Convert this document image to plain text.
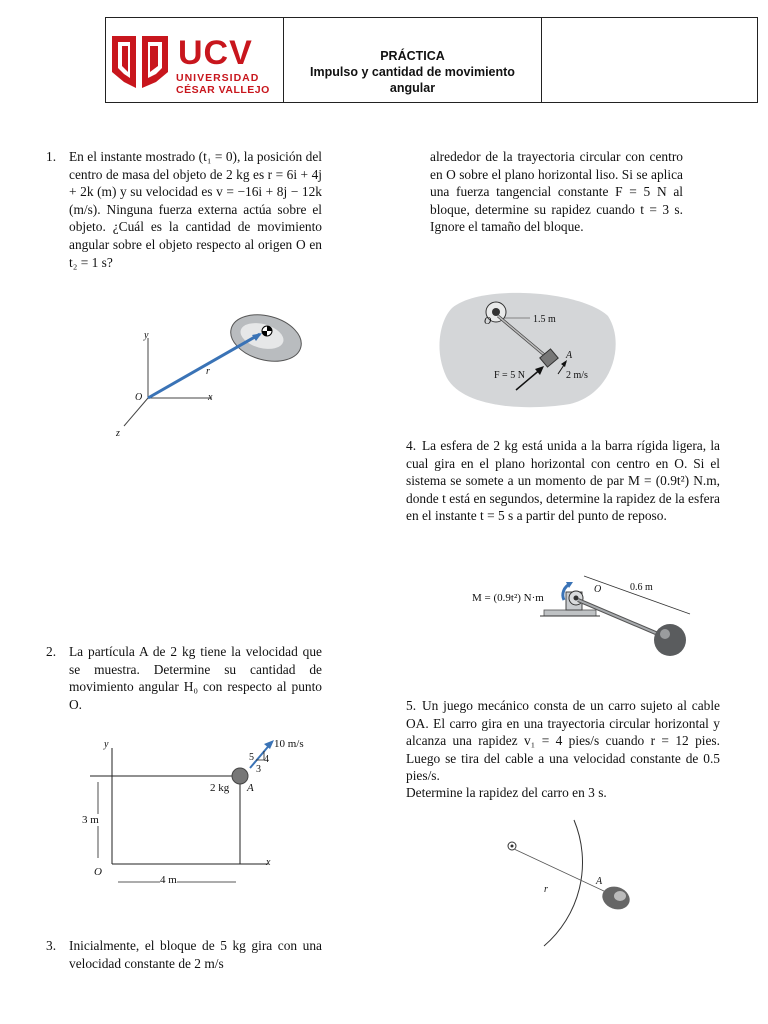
UCV
UNIVERSIDAD
CÉSAR VALLEJO
PRÁCTICA
Impulso y cantidad de movimiento
angular
1. En el instante mostrado (t₁ = 0), la posición del centro de masa del objeto de 2 kg es r = 6i + 4j + 2k (m) y su velocidad es v = −16i + 8j − 12k (m/s). Ninguna fuerza externa actúa sobre el objeto. ¿Cuál es la cantidad de movimiento angular sobre el objeto respecto al origen O en t₂ = 1 s?
y
x
z
O
r
2. La partícula A de 2 kg tiene la velocidad que se muestra. Determine su cantidad de movimiento angular H₀ con respecto al punto O.
y
x
O
3 m
4 m
2 kg A
10 m/s
5 4
3
3. Inicialmente, el bloque de 5 kg gira con una velocidad constante de 2 m/s
alrededor de la trayectoria circular con centro en O sobre el plano horizontal liso. Si se aplica una fuerza tangencial constante F = 5 N al bloque, determine su rapidez cuando t = 3 s. Ignore el tamaño del bloque.
O	1.5 m
F = 5 N
A
2 m/s
4. La esfera de 2 kg está unida a la barra rígida ligera, la cual gira en el plano horizontal con centro en O. Si el sistema se somete a un momento de par M = (0.9t²) N.m, donde t está en segundos, determine la rapidez de la esfera en el instante t = 5 s a partir del punto de reposo.
M = (0.9t²) N·m
O	0.6 m
5. Un juego mecánico consta de un carro sujeto al cable OA. El carro gira en una trayectoria circular horizontal y alcanza una rapidez v₁ = 4 pies/s cuando r = 12 pies. Luego se tira del cable a una velocidad constante de 0.5 pies/s.
Determine la rapidez del carro en 3 s.
r
A
